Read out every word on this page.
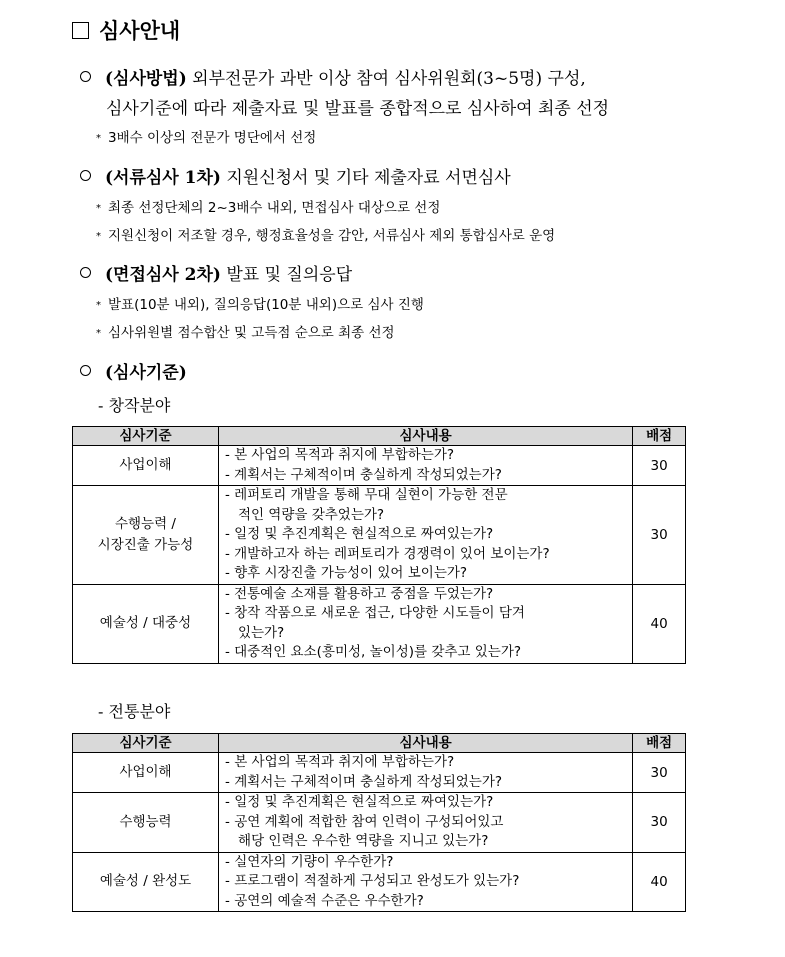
심사안내
(심사방법) 외부전문가 과반 이상 참여 심사위원회(3~5명) 구성,
심사기준에 따라 제출자료 및 발표를 종합적으로 심사하여 최종 선정
* 3배수 이상의 전문가 명단에서 선정
(서류심사 1차) 지원신청서 및 기타 제출자료 서면심사
* 최종 선정단체의 2~3배수 내외, 면접심사 대상으로 선정
* 지원신청이 저조할 경우, 행정효율성을 감안, 서류심사 제외 통합심사로 운영
(면접심사 2차) 발표 및 질의응답
* 발표(10분 내외), 질의응답(10분 내외)으로 심사 진행
* 심사위원별 점수합산 및 고득점 순으로 최종 선정
(심사기준)
- 창작분야
심사기준	심사내용	배점
사업이해	- 본 사업의 목적과 취지에 부합하는가?
- 계획서는 구체적이며 충실하게 작성되었는가?	30

수행능력 /
시장진출 가능성	- 레퍼토리 개발을 통해 무대 실현이 가능한 전문
적인 역량을 갖추었는가?
- 일정 및 추진계획은 현실적으로 짜여있는가?
- 개발하고자 하는 레퍼토리가 경쟁력이 있어 보이는가?
- 향후 시장진출 가능성이 있어 보이는가?	30
예술성 / 대중성	- 전통예술 소재를 활용하고 중점을 두었는가?
- 창작 작품으로 새로운 접근, 다양한 시도들이 담겨
있는가?
- 대중적인 요소(흥미성, 놀이성)를 갖추고 있는가?	40
- 전통분야
심사기준	심사내용	배점
사업이해	- 본 사업의 목적과 취지에 부합하는가?
- 계획서는 구체적이며 충실하게 작성되었는가?	30
수행능력	- 일정 및 추진계획은 현실적으로 짜여있는가?
- 공연 계획에 적합한 참여 인력이 구성되어있고
해당 인력은 우수한 역량을 지니고 있는가?	30
예술성 / 완성도	- 실연자의 기량이 우수한가?
- 프로그램이 적절하게 구성되고 완성도가 있는가?
- 공연의 예술적 수준은 우수한가?	40
